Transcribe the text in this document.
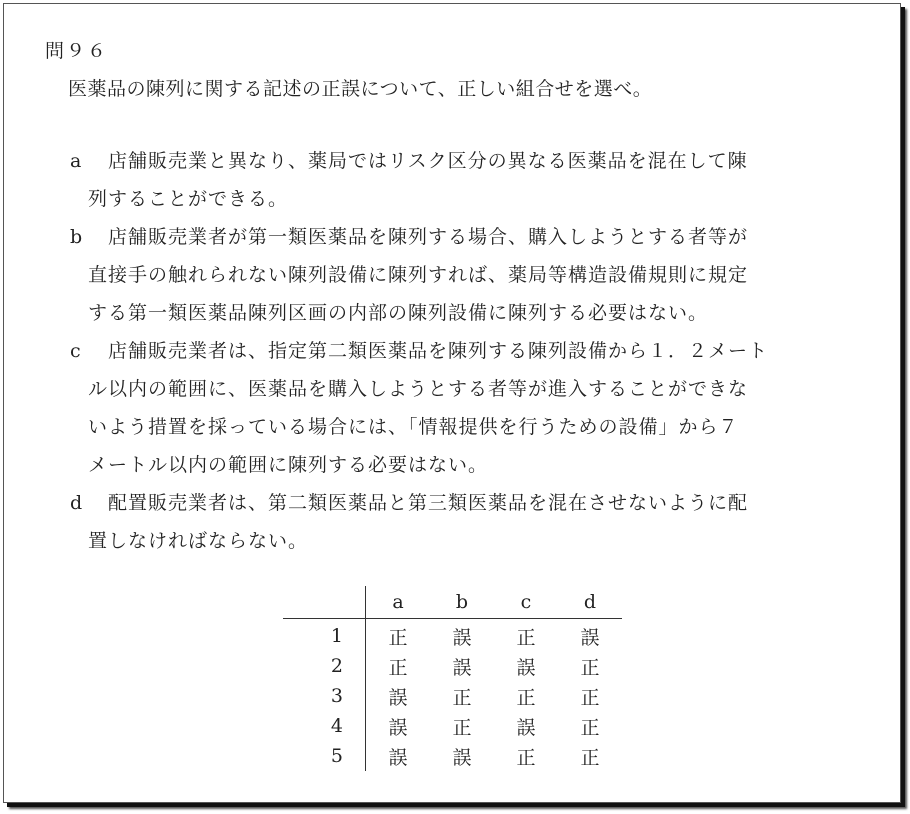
問９６
医薬品の陳列に関する記述の正誤について、正しい組合せを選べ。
a 店舗販売業と異なり、薬局ではリスク区分の異なる医薬品を混在して陳
列することができる。
b 店舗販売業者が第一類医薬品を陳列する場合、購入しようとする者等が
直接手の触れられない陳列設備に陳列すれば、薬局等構造設備規則に規定
する第一類医薬品陳列区画の内部の陳列設備に陳列する必要はない。
c 店舗販売業者は、指定第二類医薬品を陳列する陳列設備から１．２メート
ル以内の範囲に、医薬品を購入しようとする者等が進入することができな
いよう措置を採っている場合には、「情報提供を行うための設備」から７
メートル以内の範囲に陳列する必要はない。
d 配置販売業者は、第二類医薬品と第三類医薬品を混在させないように配
置しなければならない。
	a	b	c	d
1	正	誤	正	誤
2	正	誤	誤	正
3	誤	正	正	正
4	誤	正	誤	正
5	誤	誤	正	正
